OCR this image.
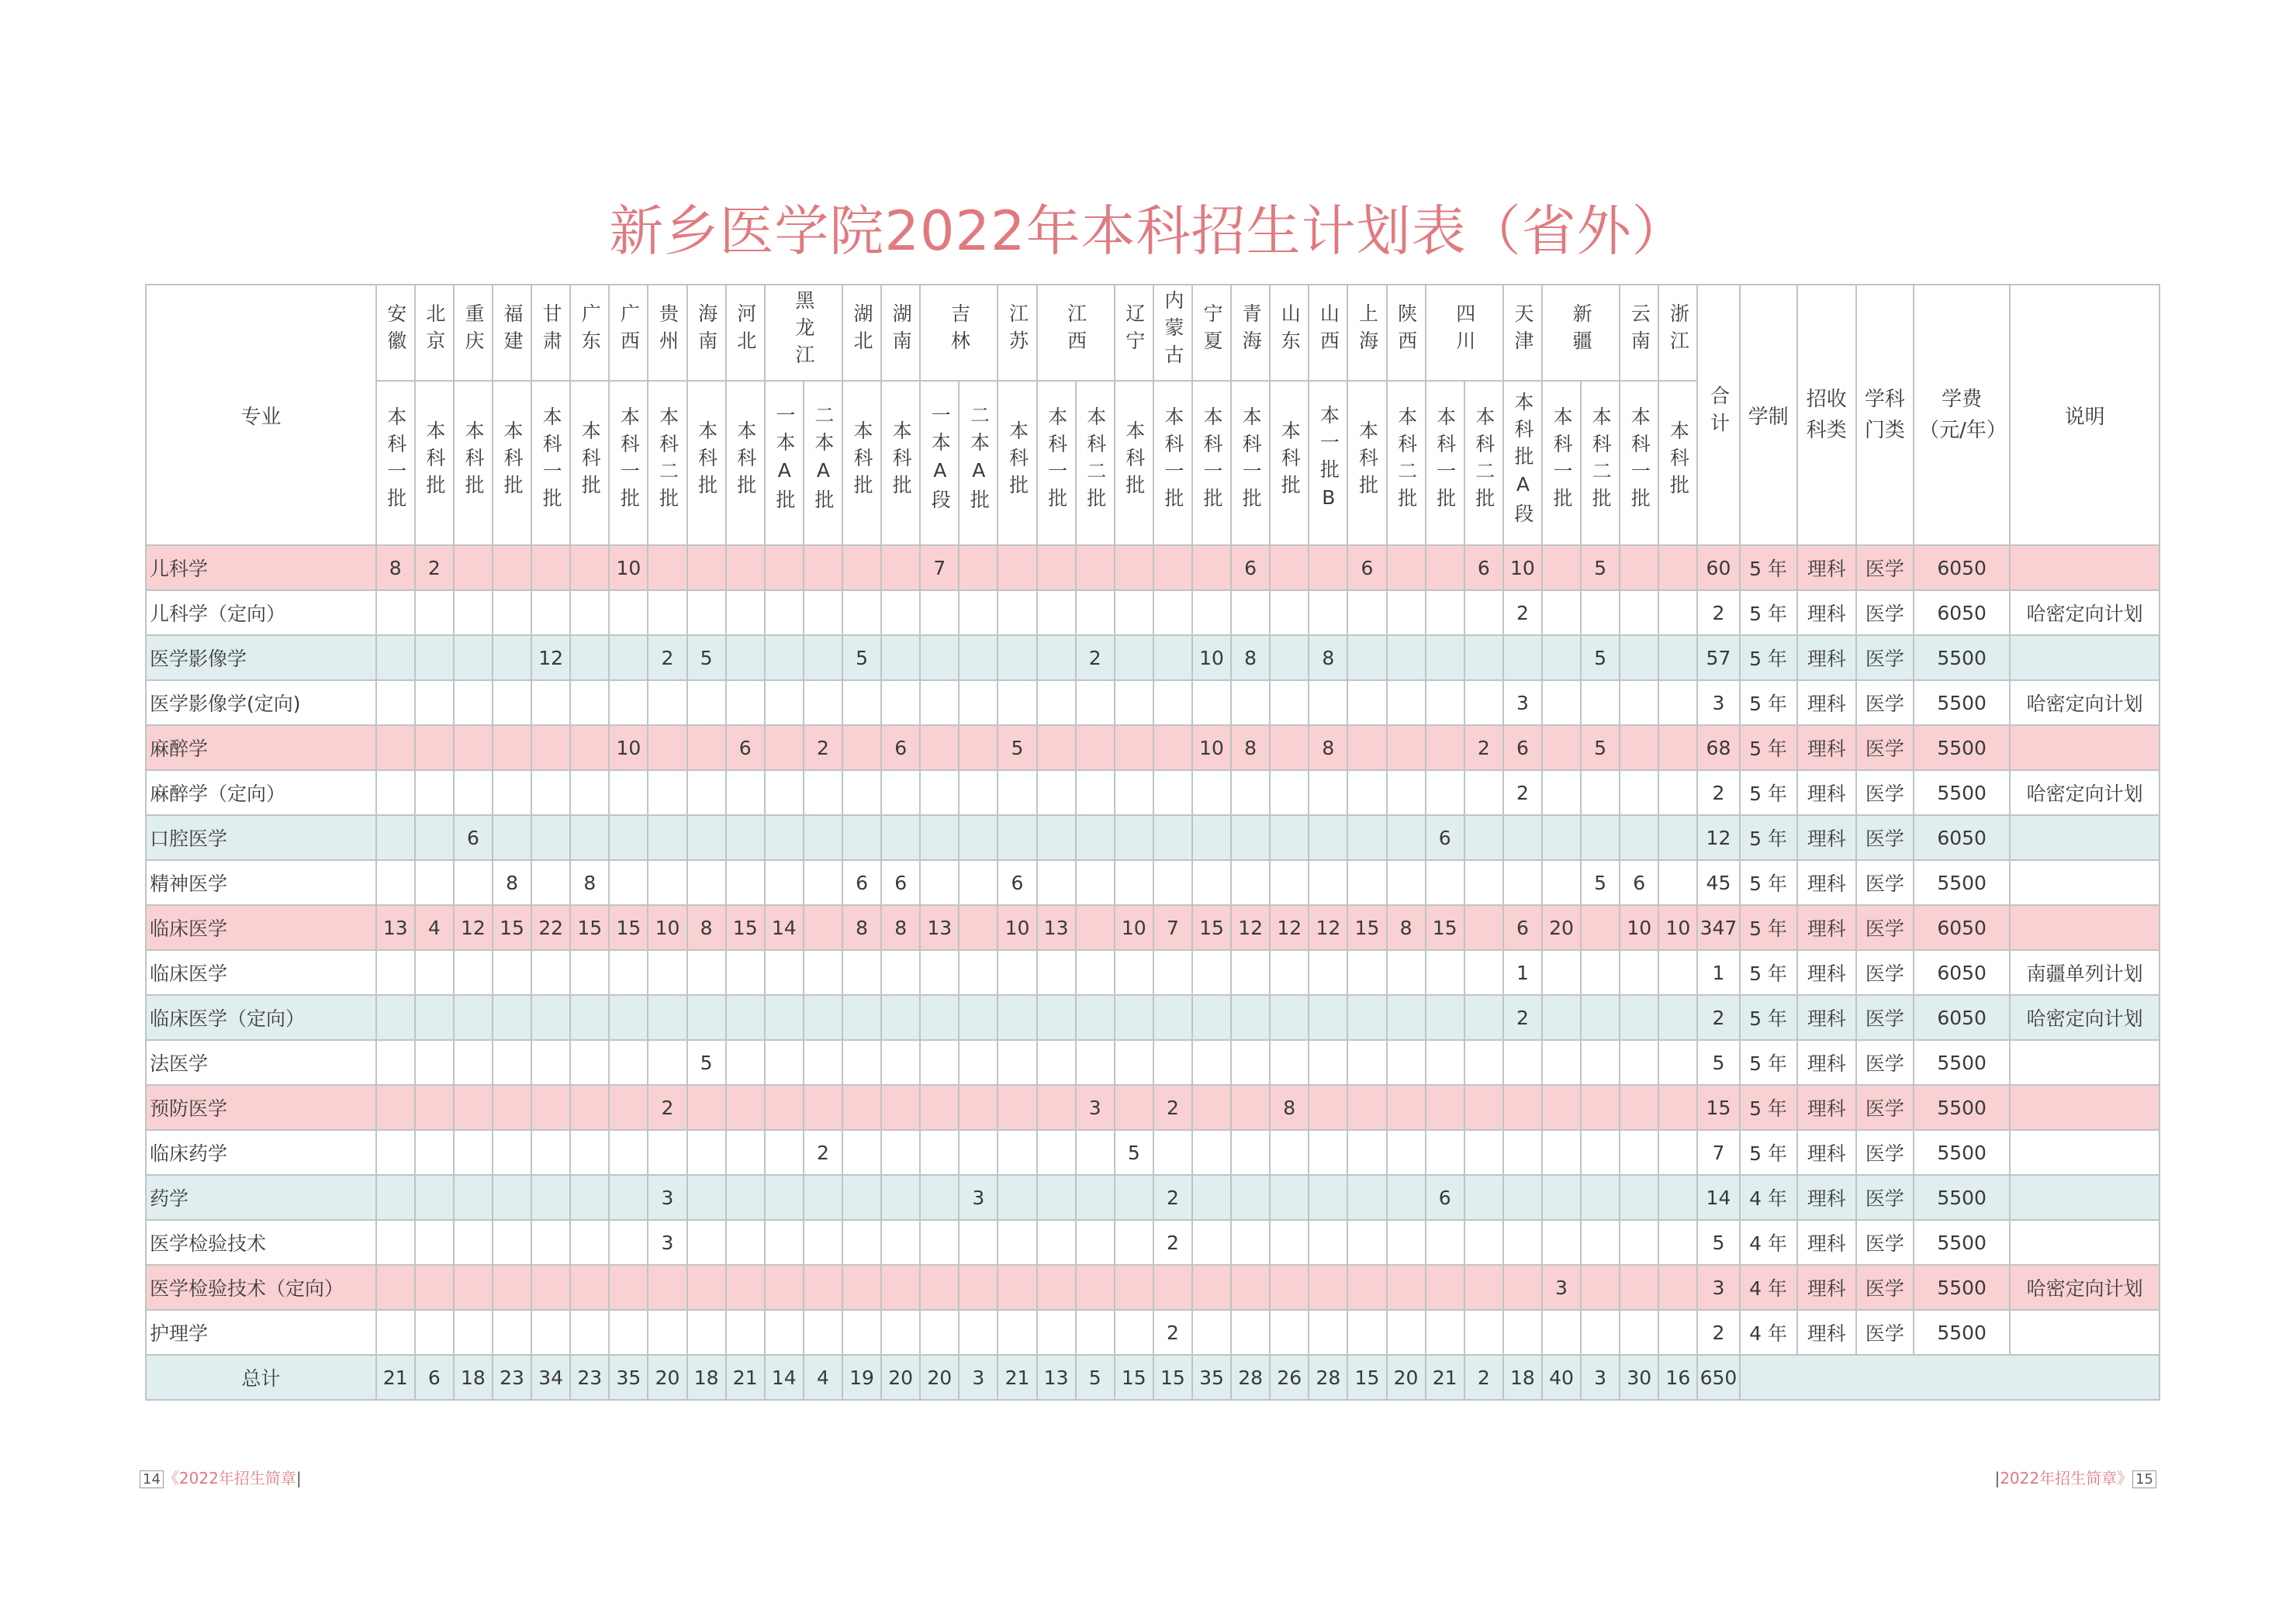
新乡医学院2022年本科招生计划表（省外）
专业	安徽	北京	重庆	福建	甘肃	广东	广西	贵州	海南	河北	黑龙江		湖北	湖南	吉林		江苏	江西		辽宁	内蒙古	宁夏	青海	山东	山西	上海	陕西	四川		天津	新疆		云南	浙江	合计	学制	招收科类	学科门类	学费（元/年）	说明
	本科一批	本科批	本科批	本科批	本科一批	本科批	本科一批	本科二批	本科批	本科批	一本A批	二本A批	本科批	本科批	一本A段	二本A批	本科批	本科一批	本科二批	本科批	本科一批	本科一批	本科一批	本科批	本一批B	本科批	本科二批	本科一批	本科二批	本科批A段	本科一批	本科二批	本科一批	本科批						
儿科学	8	2					10								7								6			6			6	10		5			60	5 年	理科	医学	6050	
儿科学（定向）																														2					2	5 年	理科	医学	6050	哈密定向计划
医学影像学					12			2	5				5						2			10	8		8							5			57	5 年	理科	医学	5500	
医学影像学(定向)																														3					3	5 年	理科	医学	5500	哈密定向计划
麻醉学							10			6		2		6			5					10	8		8				2	6		5			68	5 年	理科	医学	5500	
麻醉学（定向）																														2					2	5 年	理科	医学	5500	哈密定向计划
口腔医学			6																									6							12	5 年	理科	医学	6050	
精神医学				8		8							6	6			6															5	6		45	5 年	理科	医学	5500	
临床医学	13	4	12	15	22	15	15	10	8	15	14		8	8	13		10	13		10	7	15	12	12	12	15	8	15		6	20		10	10	347	5 年	理科	医学	6050	
临床医学																														1					1	5 年	理科	医学	6050	南疆单列计划
临床医学（定向）																														2					2	5 年	理科	医学	6050	哈密定向计划
法医学									5																										5	5 年	理科	医学	5500	
预防医学								2											3		2			8											15	5 年	理科	医学	5500	
临床药学												2								5															7	5 年	理科	医学	5500	
药学								3								3					2							6							14	4 年	理科	医学	5500	
医学检验技术								3													2														5	4 年	理科	医学	5500	
医学检验技术（定向）																															3				3	4 年	理科	医学	5500	哈密定向计划
护理学																					2														2	4 年	理科	医学	5500	
总计	21	6	18	23	34	23	35	20	18	21	14	4	19	20	20	3	21	13	5	15	15	35	28	26	28	15	20	21	2	18	40	3	30	16	650					
14 《2022年招生简章|	|2022年招生简章》 15
